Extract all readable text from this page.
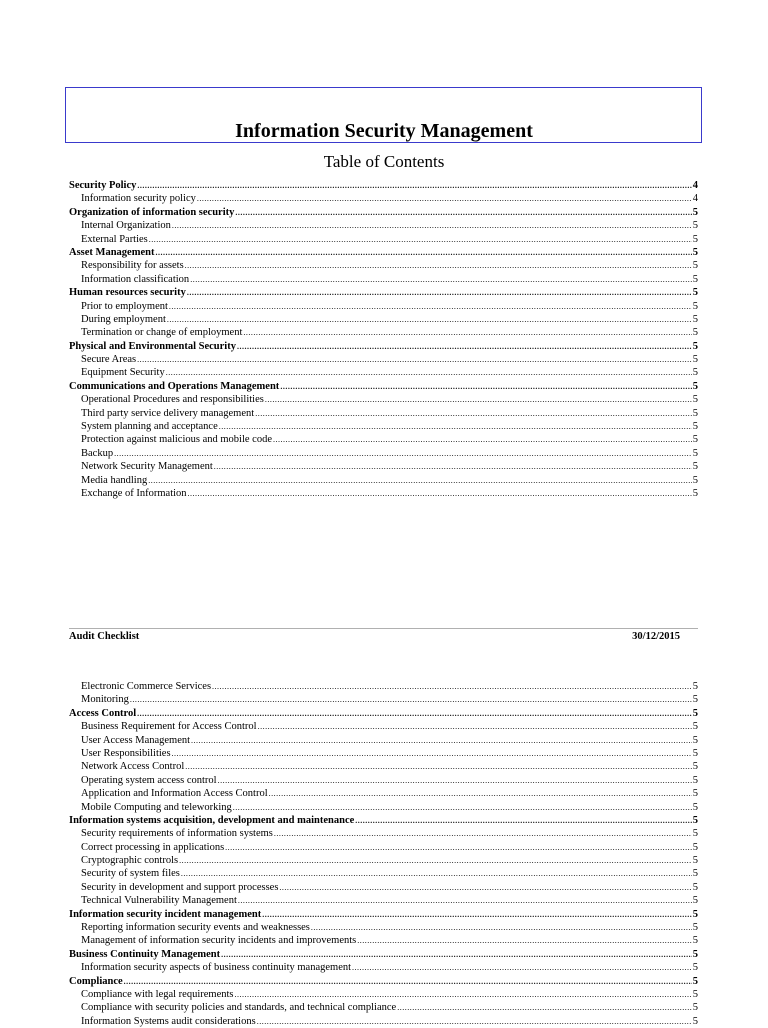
Information Security Management
Table of Contents
Security Policy .....	4
Information security policy .....	4
Organization of information security .....	5
Internal Organization .....	5
External Parties .....	5
Asset Management .....	5
Responsibility for assets .....	5
Information classification .....	5
Human resources security .....	5
Prior to employment .....	5
During employment .....	5
Termination or change of employment .....	5
Physical and Environmental Security .....	5
Secure Areas .....	5
Equipment Security .....	5
Communications and Operations Management .....	5
Operational Procedures and responsibilities .....	5
Third party service delivery management .....	5
System planning and acceptance .....	5
Protection against malicious and mobile code .....	5
Backup .....	5
Network Security Management .....	5
Media handling .....	5
Exchange of Information .....	5
Audit Checklist	30/12/2015
Electronic Commerce Services .....	5
Monitoring .....	5
Access Control .....	5
Business Requirement for Access Control .....	5
User Access Management .....	5
User Responsibilities .....	5
Network Access Control .....	5
Operating system access control .....	5
Application and Information Access Control .....	5
Mobile Computing and teleworking .....	5
Information systems acquisition, development and maintenance .....	5
Security requirements of information systems .....	5
Correct processing in applications .....	5
Cryptographic controls .....	5
Security of system files .....	5
Security in development and support processes .....	5
Technical Vulnerability Management .....	5
Information security incident management .....	5
Reporting information security events and weaknesses .....	5
Management of information security incidents and improvements .....	5
Business Continuity Management .....	5
Information security aspects of business continuity management .....	5
Compliance .....	5
Compliance with legal requirements .....	5
Compliance with security policies and standards, and technical compliance .....	5
Information Systems audit considerations .....	5
